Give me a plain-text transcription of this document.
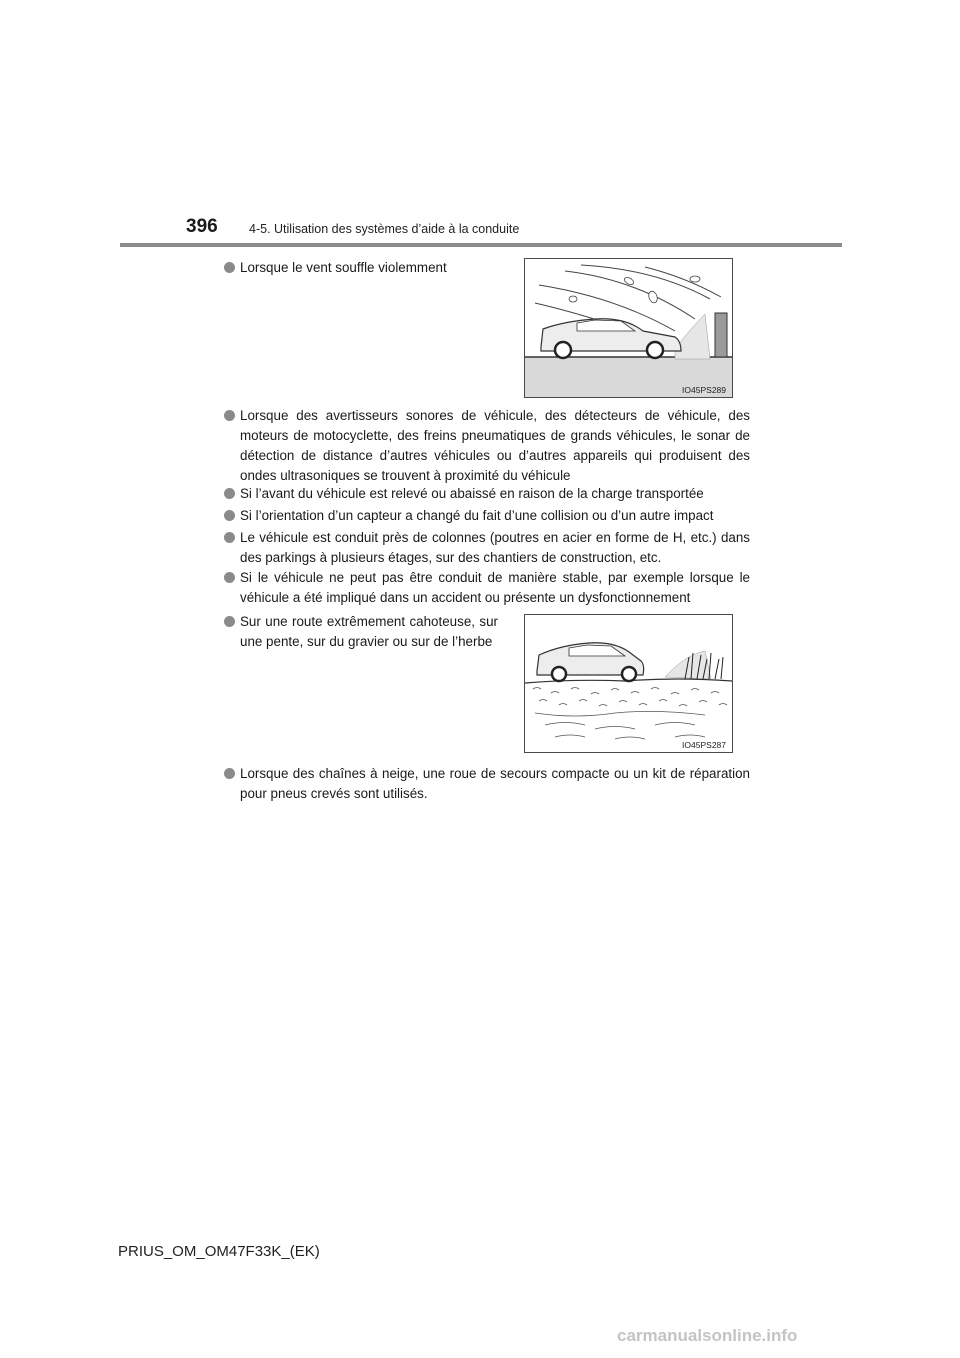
396	4-5. Utilisation des systèmes d’aide à la conduite
Lorsque le vent souffle violemment
IO45PS289
Lorsque des avertisseurs sonores de véhicule, des détecteurs de véhicule, des moteurs de motocyclette, des freins pneumatiques de grands véhicules, le sonar de détection de distance d’autres véhicules ou d’autres appareils qui produisent des ondes ultrasoniques se trouvent à proximité du véhicule
Si l’avant du véhicule est relevé ou abaissé en raison de la charge transportée
Si l’orientation d’un capteur a changé du fait d’une collision ou d’un autre impact
Le véhicule est conduit près de colonnes (poutres en acier en forme de H, etc.) dans des parkings à plusieurs étages, sur des chantiers de construction, etc.
Si le véhicule ne peut pas être conduit de manière stable, par exemple lorsque le véhicule a été impliqué dans un accident ou présente un dysfonctionnement
Sur une route extrêmement cahoteuse, sur une pente, sur du gravier ou sur de l’herbe
IO45PS287
Lorsque des chaînes à neige, une roue de secours compacte ou un kit de réparation pour pneus crevés sont utilisés.
PRIUS_OM_OM47F33K_(EK)
carmanualsonline.info
